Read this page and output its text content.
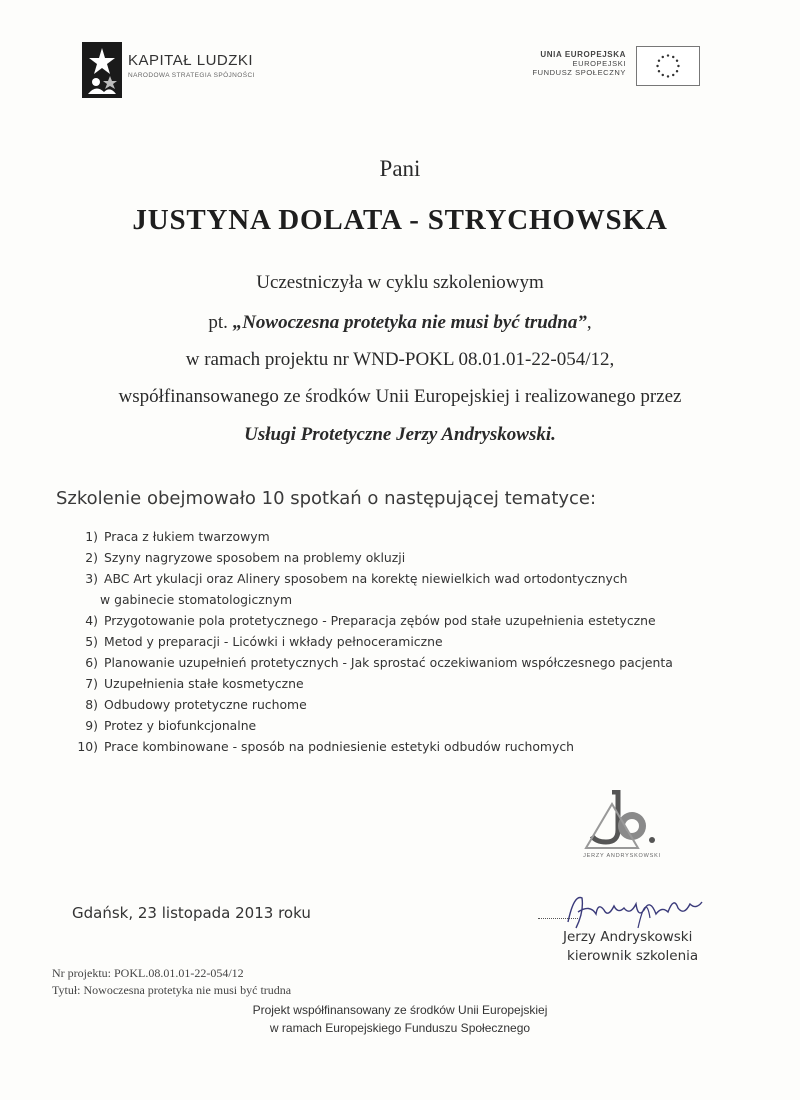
KAPITAŁ LUDZKI
NARODOWA STRATEGIA SPÓJNOŚCI
UNIA EUROPEJSKA
EUROPEJSKI
FUNDUSZ SPOŁECZNY
Pani
JUSTYNA DOLATA - STRYCHOWSKA
Uczestniczyła w cyklu szkoleniowym
pt. „Nowoczesna protetyka nie musi być trudna”,
w ramach projektu nr WND-POKL 08.01.01-22-054/12,
współfinansowanego ze środków Unii Europejskiej i realizowanego przez
Usługi Protetyczne Jerzy Andryskowski.
Szkolenie obejmowało 10 spotkań o następującej tematyce:
1) Praca z łukiem twarzowym
2) Szyny nagryzowe sposobem na problemy okluzji
3) ABC Art ykulacji oraz Alinery sposobem na korektę niewielkich wad ortodontycznych
w gabinecie stomatologicznym
4) Przygotowanie pola protetycznego - Preparacja zębów pod stałe uzupełnienia estetyczne
5) Metod y preparacji - Licówki i wkłady pełnoceramiczne
6) Planowanie uzupełnień protetycznych - Jak sprostać oczekiwaniom współczesnego pacjenta
7) Uzupełnienia stałe kosmetyczne
8) Odbudowy protetyczne ruchome
9) Protez y biofunkcjonalne
10) Prace kombinowane - sposób na podniesienie estetyki odbudów ruchomych
JERZY ANDRYSKOWSKI
Gdańsk, 23 listopada 2013 roku
Jerzy Andryskowski
kierownik szkolenia
Nr projektu: POKL.08.01.01-22-054/12
Tytuł: Nowoczesna protetyka nie musi być trudna
Projekt współfinansowany ze środków Unii Europejskiej
w ramach Europejskiego Funduszu Społecznego
